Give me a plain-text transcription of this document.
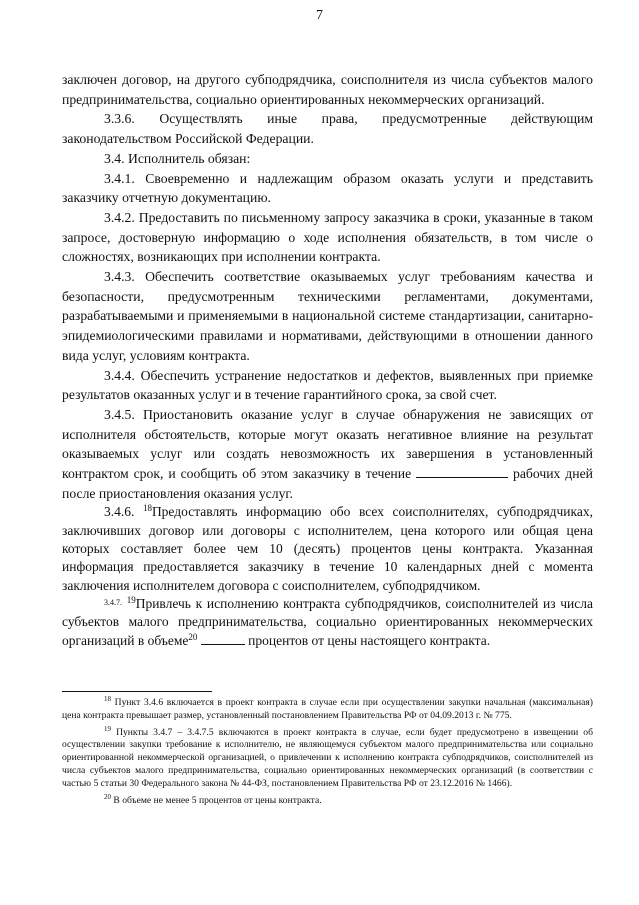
7

заключен договор, на другого субподрядчика, соисполнителя из числа субъектов малого предпринимательства, социально ориентированных некоммерческих организаций.

3.3.6. Осуществлять иные права, предусмотренные действующим законодательством Российской Федерации.

3.4. Исполнитель обязан:

3.4.1. Своевременно и надлежащим образом оказать услуги и представить заказчику отчетную документацию.

3.4.2. Предоставить по письменному запросу заказчика в сроки, указанные в таком запросе, достоверную информацию о ходе исполнения обязательств, в том числе о сложностях, возникающих при исполнении контракта.

3.4.3. Обеспечить соответствие оказываемых услуг требованиям качества и безопасности, предусмотренным техническими регламентами, документами, разрабатываемыми и применяемыми в национальной системе стандартизации, санитарно-эпидемиологическими правилами и нормативами, действующими в отношении данного вида услуг, условиям контракта.

3.4.4. Обеспечить устранение недостатков и дефектов, выявленных при приемке результатов оказанных услуг и в течение гарантийного срока, за свой счет.

3.4.5. Приостановить оказание услуг в случае обнаружения не зависящих от исполнителя обстоятельств, которые могут оказать негативное влияние на результат оказываемых услуг или создать невозможность их завершения в установленный контрактом срок, и сообщить об этом заказчику в течение	рабочих дней после приостановления оказания услуг.

3.4.6. $^{18}$Предоставлять информацию обо всех соисполнителях, субподрядчиках, заключивших договор или договоры с исполнителем, цена которого или общая цена которых составляет более чем 10 (десять) процентов цены контракта. Указанная информация предоставляется заказчику в течение 10 календарных дней с момента заключения исполнителем договора с соисполнителем, субподрядчиком.

$^{3.4.7.}$ $^{19}$Привлечь к исполнению контракта субподрядчиков, соисполнителей из числа субъектов малого предпринимательства, социально ориентированных некоммерческих организаций в объеме$^{20}$	процентов от цены настоящего контракта.

$^{18}$ Пункт 3.4.6 включается в проект контракта в случае если при осуществлении закупки начальная (максимальная) цена контракта превышает размер, установленный постановлением Правительства РФ от 04.09.2013 г. № 775.

$^{19}$ Пункты 3.4.7 – 3.4.7.5 включаются в проект контракта в случае, если будет предусмотрено в извещении об осуществлении закупки требование к исполнителю, не являющемуся субъектом малого предпринимательства или социально ориентированной некоммерческой организацией, о привлечении к исполнению контракта субподрядчиков, соисполнителей из числа субъектов малого предпринимательства, социально ориентированных некоммерческих организаций (в соответствии с частью 5 статьи 30 Федерального закона № 44-ФЗ, постановлением Правительства РФ от 23.12.2016 № 1466).

$^{20}$ В объеме не менее 5 процентов от цены контракта.
